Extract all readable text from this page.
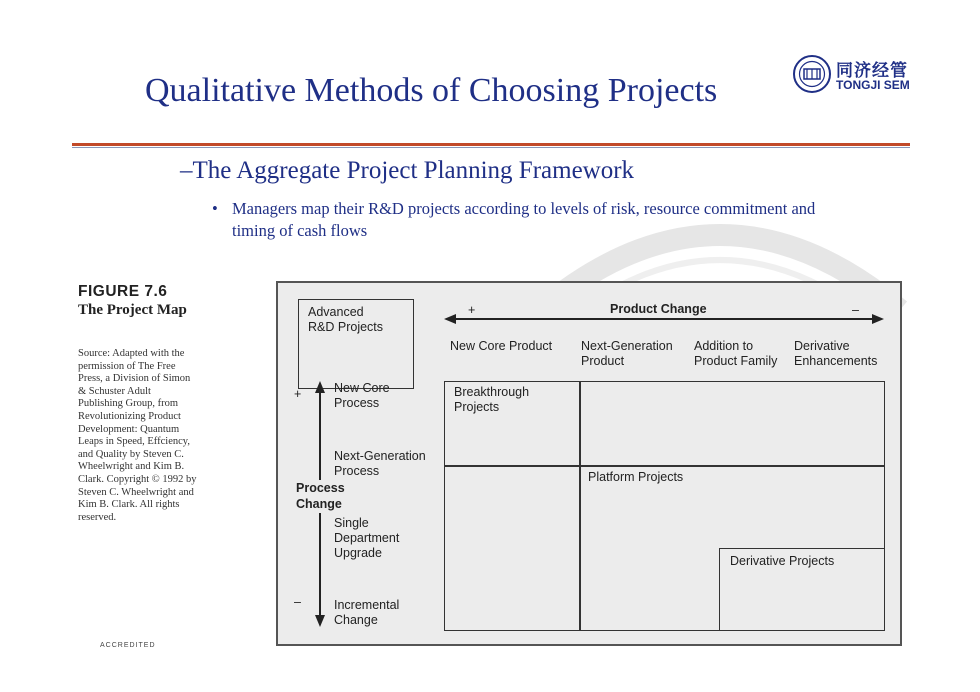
Qualitative Methods of Choosing Projects
同济经管
TONGJI SEM
–The Aggregate Project Planning Framework
• Managers map their R&D projects according to levels of risk, resource commitment and timing of cash flows
FIGURE 7.6
The Project Map
Source: Adapted with the permission of The Free Press, a Division of Simon & Schuster Adult Publishing Group, from Revolutionizing Product Development: Quantum Leaps in Speed, Effciency, and Quality by Steven C. Wheelwright and Kim B. Clark. Copyright © 1992 by Steven C. Wheelwright and Kim B. Clark. All rights reserved.
Advanced
R&D Projects
+	Product Change	–
New Core Product Next-Generation
Product
Addition to
Product Family
Derivative
Enhancements
+
–
New Core
Process
Next-Generation
Process
Process
Change
Single
Department
Upgrade
Incremental
Change
Breakthrough
Projects
Platform Projects
Derivative Projects
ACCREDITED
